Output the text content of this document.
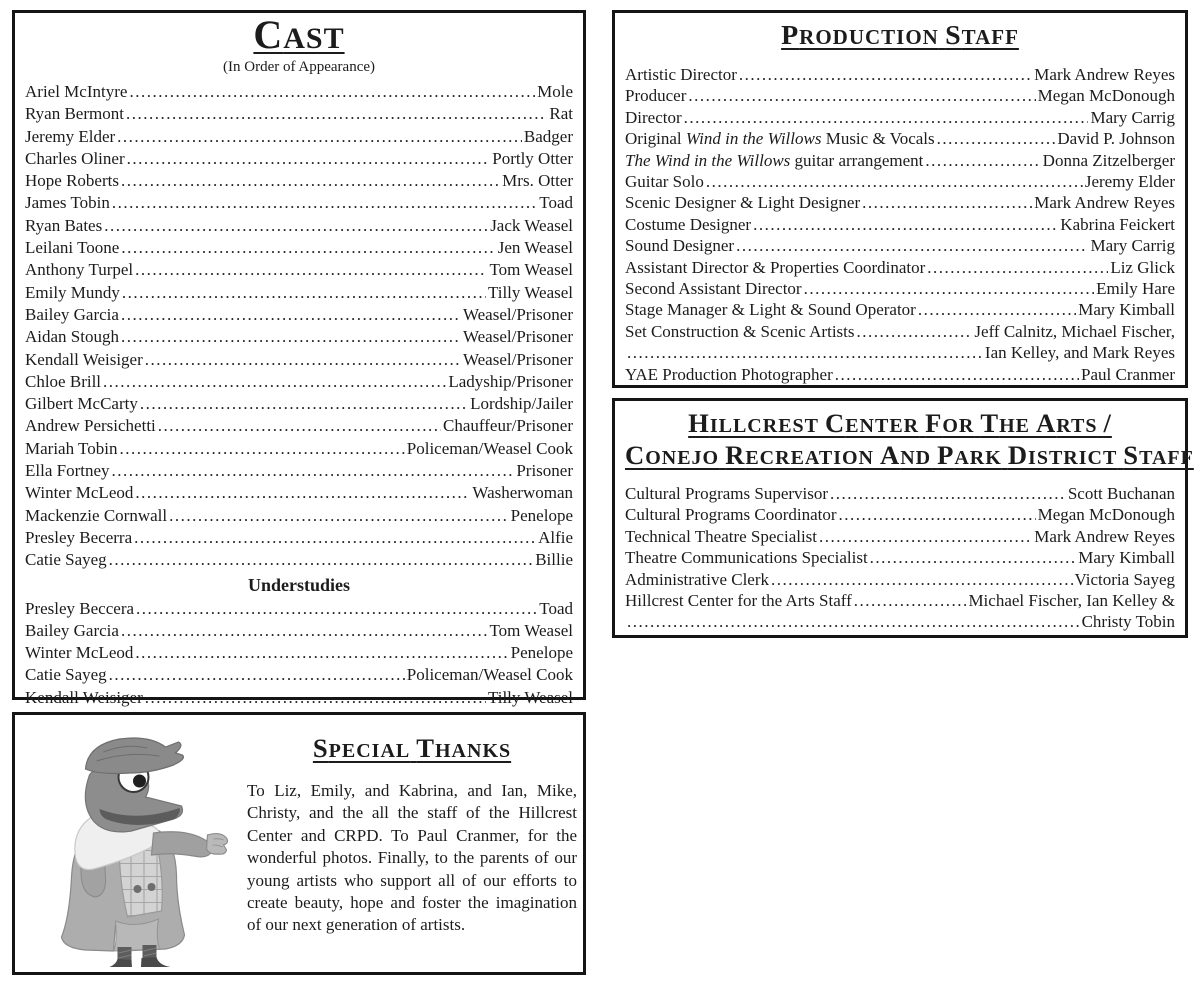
CAST
(In Order of Appearance)
Ariel McIntyre .....	Mole
Ryan Bermont .....	Rat
Jeremy Elder .....	Badger
Charles Oliner .....	Portly Otter
Hope Roberts .....	Mrs. Otter
James Tobin .....	Toad
Ryan Bates .....	Jack Weasel
Leilani Toone .....	Jen Weasel
Anthony Turpel .....	Tom Weasel
Emily Mundy .....	Tilly Weasel
Bailey Garcia .....	Weasel/Prisoner
Aidan Stough .....	Weasel/Prisoner
Kendall Weisiger .....	Weasel/Prisoner
Chloe Brill .....	Ladyship/Prisoner
Gilbert McCarty .....	Lordship/Jailer
Andrew Persichetti .....	Chauffeur/Prisoner
Mariah Tobin .....	Policeman/Weasel Cook
Ella Fortney .....	Prisoner
Winter McLeod .....	Washerwoman
Mackenzie Cornwall .....	Penelope
Presley Becerra .....	Alfie
Catie Sayeg .....	Billie
Understudies
Presley Beccera .....	Toad
Bailey Garcia .....	Tom Weasel
Winter McLeod .....	Penelope
Catie Sayeg .....	Policeman/Weasel Cook
Kendall Weisiger .....	Tilly Weasel
PRODUCTION STAFF
Artistic Director .....	Mark Andrew Reyes
Producer .....	Megan McDonough
Director .....	Mary Carrig
Original Wind in the Willows Music & Vocals .....	David P. Johnson
The Wind in the Willows guitar arrangement .....	Donna Zitzelberger
Guitar Solo .....	Jeremy Elder
Scenic Designer & Light Designer .....	Mark Andrew Reyes
Costume Designer .....	Kabrina Feickert
Sound Designer .....	Mary Carrig
Assistant Director & Properties Coordinator .....	Liz Glick
Second Assistant Director .....	Emily Hare
Stage Manager & Light & Sound Operator .....	Mary Kimball
Set Construction & Scenic Artists .....	Jeff Calnitz, Michael Fischer,
.....
Ian Kelley, and Mark Reyes
YAE Production Photographer .....	Paul Cranmer
HILLCREST CENTER FOR THE ARTS /
CONEJO RECREATION AND PARK DISTRICT STAFF
Cultural Programs Supervisor .....	Scott Buchanan
Cultural Programs Coordinator .....	Megan McDonough
Technical Theatre Specialist .....	Mark Andrew Reyes
Theatre Communications Specialist .....	Mary Kimball
Administrative Clerk .....	Victoria Sayeg
Hillcrest Center for the Arts Staff .....	Michael Fischer, Ian Kelley &
.....
Christy Tobin
SPECIAL THANKS
To Liz, Emily, and Kabrina, and Ian, Mike, Christy, and the all the staff of the Hillcrest Center and CRPD. To Paul Cranmer, for the wonderful photos. Finally, to the parents of our young artists who support all of our efforts to create beauty, hope and foster the imagination of our next generation of artists.
